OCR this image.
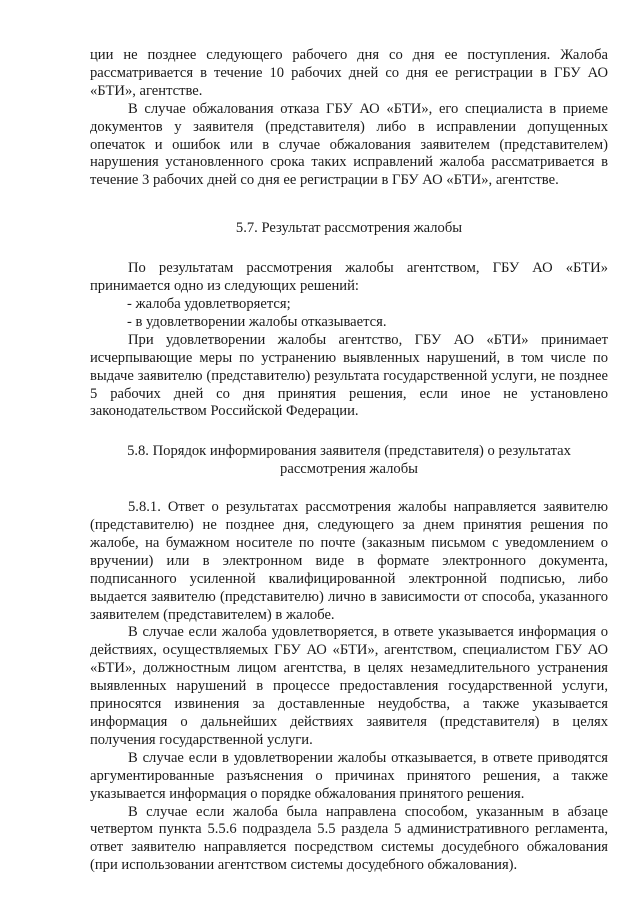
ции не позднее следующего рабочего дня со дня ее поступления. Жалоба рассматривается в течение 10 рабочих дней со дня ее регистрации в ГБУ АО «БТИ», агентстве.

В случае обжалования отказа ГБУ АО «БТИ», его специалиста в приеме документов у заявителя (представителя) либо в исправлении допущенных опечаток и ошибок или в случае обжалования заявителем (представителем) нарушения установленного срока таких исправлений жалоба рассматривается в течение 3 рабочих дней со дня ее регистрации в ГБУ АО «БТИ», агентстве.

5.7. Результат рассмотрения жалобы

По результатам рассмотрения жалобы агентством, ГБУ АО «БТИ» принимается одно из следующих решений:

- жалоба удовлетворяется;

- в удовлетворении жалобы отказывается.

При удовлетворении жалобы агентство, ГБУ АО «БТИ» принимает исчерпывающие меры по устранению выявленных нарушений, в том числе по выдаче заявителю (представителю) результата государственной услуги, не позднее 5 рабочих дней со дня принятия решения, если иное не установлено законодательством Российской Федерации.

5.8. Порядок информирования заявителя (представителя) о результатах рассмотрения жалобы

5.8.1. Ответ о результатах рассмотрения жалобы направляется заявителю (представителю) не позднее дня, следующего за днем принятия решения по жалобе, на бумажном носителе по почте (заказным письмом с уведомлением о вручении) или в электронном виде в формате электронного документа, подписанного усиленной квалифицированной электронной подписью, либо выдается заявителю (представителю) лично в зависимости от способа, указанного заявителем (представителем) в жалобе.

В случае если жалоба удовлетворяется, в ответе указывается информация о действиях, осуществляемых ГБУ АО «БТИ», агентством, специалистом ГБУ АО «БТИ», должностным лицом агентства, в целях незамедлительного устранения выявленных нарушений в процессе предоставления государственной услуги, приносятся извинения за доставленные неудобства, а также указывается информация о дальнейших действиях заявителя (представителя) в целях получения государственной услуги.

В случае если в удовлетворении жалобы отказывается, в ответе приводятся аргументированные разъяснения о причинах принятого решения, а также указывается информация о порядке обжалования принятого решения.

В случае если жалоба была направлена способом, указанным в абзаце четвертом пункта 5.5.6 подраздела 5.5 раздела 5 административного регламента, ответ заявителю направляется посредством системы досудебного обжалования (при использовании агентством системы досудебного обжалования).
